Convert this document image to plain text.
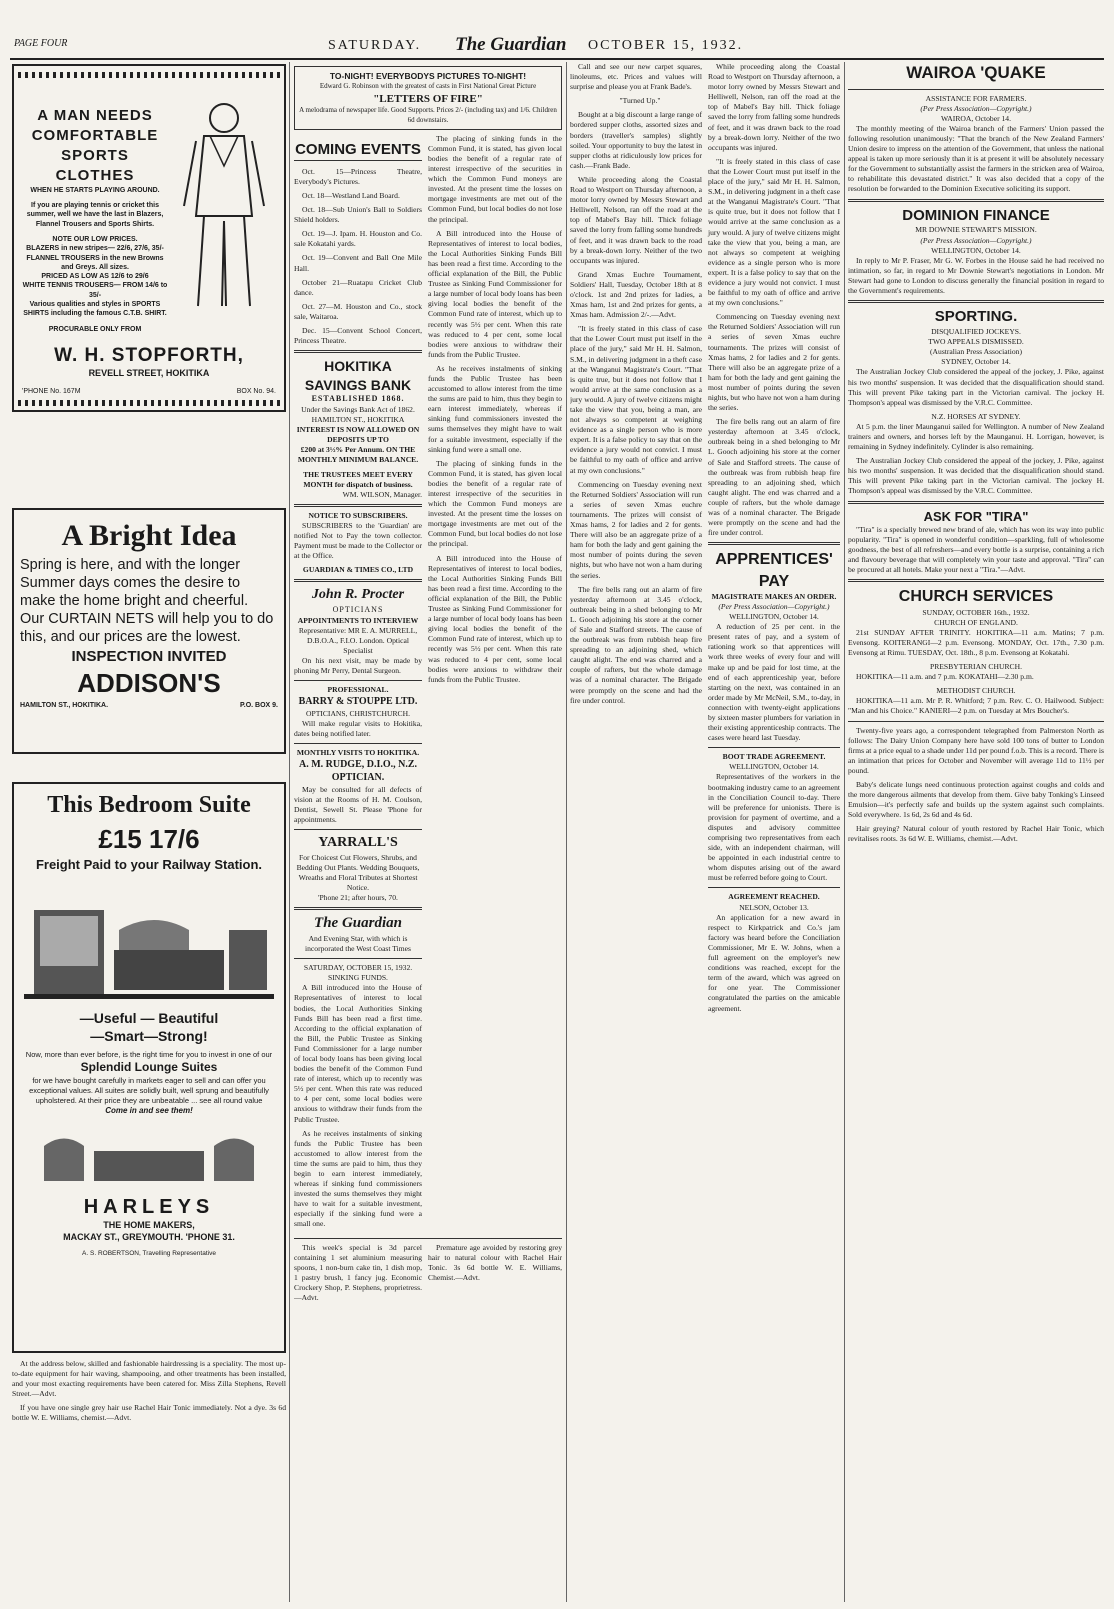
PAGE FOUR	SATURDAY. The Guardian OCTOBER 15, 1932.
A MAN NEEDS
COMFORTABLE
SPORTS CLOTHES
WHEN HE STARTS PLAYING AROUND.
If you are playing tennis or cricket this summer, well we have the last in Blazers, Flannel Trousers and Sports Shirts.
NOTE OUR LOW PRICES.
BLAZERS in new stripes— 22/6, 27/6, 35/-
FLANNEL TROUSERS in the new Browns and Greys. All sizes.
PRICED AS LOW AS 12/6 to 29/6
WHITE TENNIS TROUSERS— FROM 14/6 to 35/-
Various qualities and styles in SPORTS SHIRTS including the famous C.T.B. SHIRT.
PROCURABLE ONLY FROM
W. H. STOPFORTH,
REVELL STREET, HOKITIKA
'PHONE No. 167M	BOX No. 94.
A Bright Idea
Spring is here, and with the longer Summer days comes the desire to make the home bright and cheerful.
Our CURTAIN NETS will help you to do this, and our prices are the lowest.
INSPECTION INVITED
ADDISON'S
HAMILTON ST., HOKITIKA.	P.O. BOX 9.
This Bedroom Suite
£15 17/6
Freight Paid to your Railway Station.
—Useful — Beautiful
—Smart—Strong!
Now, more than ever before, is the right time for you to invest in one of our
Splendid Lounge Suites
for we have bought carefully in markets eager to sell and can offer you exceptional values. All suites are solidly built, well sprung and beautifully upholstered. At their price they are unbeatable ... see all round value
Come in and see them!
HARLEYS
THE HOME MAKERS,
MACKAY ST., GREYMOUTH. 'PHONE 31.
A. S. ROBERTSON, Travelling Representative

At the address below, skilled and fashionable hairdressing is a speciality. The most up-to-date equipment for hair waving, shampooing, and other treatments has been installed, and your most exacting requirements have been catered for. Miss Zilla Stephens, Revell Street.—Advt.

If you have one single grey hair use Rachel Hair Tonic immediately. Not a dye. 3s 6d bottle W. E. Williams, chemist.—Advt.

TO-NIGHT! EVERYBODYS PICTURES TO-NIGHT!
Edward G. Robinson with the greatest of casts in First National Great Picture
"LETTERS OF FIRE"
A melodrama of newspaper life. Good Supports. Prices 2/- (including tax) and 1/6. Children 6d downstairs.
COMING EVENTS

Oct. 15—Princess Theatre, Everybody's Pictures.

Oct. 18—Westland Land Board.

Oct. 18—Sub Union's Ball to Soldiers Shield holders.

Oct. 19—J. Ipam. H. Houston and Co. sale Kokatahi yards.

Oct. 19—Convent and Ball One Mile Hall.

October 21—Ruatapu Cricket Club dance.

Oct. 27—M. Houston and Co., stock sale, Waitaroa.

Dec. 15—Convent School Concert, Princess Theatre.

HOKITIKA SAVINGS BANK
ESTABLISHED 1868.
Under the Savings Bank Act of 1862.
HAMILTON ST., HOKITIKA
INTEREST IS NOW ALLOWED ON DEPOSITS UP TO
£200 at 3½% Per Annum. ON THE MONTHLY MINIMUM BALANCE.
THE TRUSTEES MEET EVERY MONTH for dispatch of business.
WM. WILSON, Manager.
NOTICE TO SUBSCRIBERS.

SUBSCRIBERS to the 'Guardian' are notified Not to Pay the town collector. Payment must be made to the Collector or at the Office.

GUARDIAN & TIMES CO., LTD
John R. Procter
OPTICIANS
APPOINTMENTS TO INTERVIEW
Representative: MR E. A. MURRELL, D.B.O.A., F.I.O. London. Optical Specialist

On his next visit, may be made by phoning Mr Perry, Dental Surgeon.

PROFESSIONAL.
BARRY & STOUPPE LTD.
OPTICIANS, CHRISTCHURCH.

Will make regular visits to Hokitika, dates being notified later.

MONTHLY VISITS TO HOKITIKA.
A. M. RUDGE, D.I.O., N.Z. OPTICIAN.

May be consulted for all defects of vision at the Rooms of H. M. Coulson, Dentist, Sewell St. Please 'Phone for appointments.

YARRALL'S
For Choicest Cut Flowers, Shrubs, and Bedding Out Plants. Wedding Bouquets, Wreaths and Floral Tributes at Shortest Notice.
'Phone 21; after hours, 70.
The Guardian
And Evening Star, with which is incorporated the West Coast Times
SATURDAY, OCTOBER 15, 1932.
SINKING FUNDS.

A Bill introduced into the House of Representatives of interest to local bodies, the Local Authorities Sinking Funds Bill has been read a first time. According to the official explanation of the Bill, the Public Trustee as Sinking Fund Commissioner for a large number of local body loans has been giving local bodies the benefit of the Common Fund rate of interest, which up to recently was 5½ per cent. When this rate was reduced to 4 per cent, some local bodies were anxious to withdraw their funds from the Public Trustee.

As he receives instalments of sinking funds the Public Trustee has been accustomed to allow interest from the time the sums are paid to him, thus they begin to earn interest immediately, whereas if sinking fund commissioners invested the sums themselves they might have to wait for a suitable investment, especially if the sinking fund were a small one.

The placing of sinking funds in the Common Fund, it is stated, has given local bodies the benefit of a regular rate of interest irrespective of the securities in which the Common Fund moneys are invested. At the present time the losses on mortgage investments are met out of the Common Fund, but local bodies do not lose the principal.

A Bill introduced into the House of Representatives of interest to local bodies, the Local Authorities Sinking Funds Bill has been read a first time. According to the official explanation of the Bill, the Public Trustee as Sinking Fund Commissioner for a large number of local body loans has been giving local bodies the benefit of the Common Fund rate of interest, which up to recently was 5½ per cent. When this rate was reduced to 4 per cent, some local bodies were anxious to withdraw their funds from the Public Trustee.

As he receives instalments of sinking funds the Public Trustee has been accustomed to allow interest from the time the sums are paid to him, thus they begin to earn interest immediately, whereas if sinking fund commissioners invested the sums themselves they might have to wait for a suitable investment, especially if the sinking fund were a small one.

The placing of sinking funds in the Common Fund, it is stated, has given local bodies the benefit of a regular rate of interest irrespective of the securities in which the Common Fund moneys are invested. At the present time the losses on mortgage investments are met out of the Common Fund, but local bodies do not lose the principal.

A Bill introduced into the House of Representatives of interest to local bodies, the Local Authorities Sinking Funds Bill has been read a first time. According to the official explanation of the Bill, the Public Trustee as Sinking Fund Commissioner for a large number of local body loans has been giving local bodies the benefit of the Common Fund rate of interest, which up to recently was 5½ per cent. When this rate was reduced to 4 per cent, some local bodies were anxious to withdraw their funds from the Public Trustee.

This week's special is 3d parcel containing 1 set aluminium measuring spoons, 1 non-burn cake tin, 1 dish mop, 1 pastry brush, 1 fancy jug. Economic Crockery Shop, P. Stephens, proprietress.—Advt.

Premature age avoided by restoring grey hair to natural colour with Rachel Hair Tonic. 3s 6d bottle W. E. Williams, Chemist.—Advt.

Call and see our new carpet squares, linoleums, etc. Prices and values will surprise and please you at Frank Bade's.

"Turned Up."

Bought at a big discount a large range of bordered supper cloths, assorted sizes and borders (traveller's samples) slightly soiled. Your opportunity to buy the latest in supper cloths at ridiculously low prices for cash.—Frank Bade.

While proceeding along the Coastal Road to Westport on Thursday afternoon, a motor lorry owned by Messrs Stewart and Helliwell, Nelson, ran off the road at the top of Mabel's Bay hill. Thick foliage saved the lorry from falling some hundreds of feet, and it was drawn back to the road by a break-down lorry. Neither of the two occupants was injured.

Grand Xmas Euchre Tournament, Soldiers' Hall, Tuesday, October 18th at 8 o'clock. 1st and 2nd prizes for ladies, a Xmas ham, 1st and 2nd prizes for gents, a Xmas ham. Admission 2/-.—Advt.

"It is freely stated in this class of case that the Lower Court must put itself in the place of the jury," said Mr H. H. Salmon, S.M., in delivering judgment in a theft case at the Wanganui Magistrate's Court. "That is quite true, but it does not follow that I would arrive at the same conclusion as a jury would. A jury of twelve citizens might take the view that you, being a man, are not always so competent at weighing evidence as a single person who is more expert. It is a false policy to say that on the evidence a jury would not convict. I must be faithful to my oath of office and arrive at my own conclusions."

Commencing on Tuesday evening next the Returned Soldiers' Association will run a series of seven Xmas euchre tournaments. The prizes will consist of Xmas hams, 2 for ladies and 2 for gents. There will also be an aggregate prize of a ham for both the lady and gent gaining the most number of points during the seven nights, but who have not won a ham during the series.

The fire bells rang out an alarm of fire yesterday afternoon at 3.45 o'clock, outbreak being in a shed belonging to Mr L. Gooch adjoining his store at the corner of Sale and Stafford streets. The cause of the outbreak was from rubbish heap fire spreading to an adjoining shed, which caught alight. The end was charred and a couple of rafters, but the whole damage was of a nominal character. The Brigade were promptly on the scene and had the fire under control.

While proceeding along the Coastal Road to Westport on Thursday afternoon, a motor lorry owned by Messrs Stewart and Helliwell, Nelson, ran off the road at the top of Mabel's Bay hill. Thick foliage saved the lorry from falling some hundreds of feet, and it was drawn back to the road by a break-down lorry. Neither of the two occupants was injured.

"It is freely stated in this class of case that the Lower Court must put itself in the place of the jury," said Mr H. H. Salmon, S.M., in delivering judgment in a theft case at the Wanganui Magistrate's Court. "That is quite true, but it does not follow that I would arrive at the same conclusion as a jury would. A jury of twelve citizens might take the view that you, being a man, are not always so competent at weighing evidence as a single person who is more expert. It is a false policy to say that on the evidence a jury would not convict. I must be faithful to my oath of office and arrive at my own conclusions."

Commencing on Tuesday evening next the Returned Soldiers' Association will run a series of seven Xmas euchre tournaments. The prizes will consist of Xmas hams, 2 for ladies and 2 for gents. There will also be an aggregate prize of a ham for both the lady and gent gaining the most number of points during the seven nights, but who have not won a ham during the series.

The fire bells rang out an alarm of fire yesterday afternoon at 3.45 o'clock, outbreak being in a shed belonging to Mr L. Gooch adjoining his store at the corner of Sale and Stafford streets. The cause of the outbreak was from rubbish heap fire spreading to an adjoining shed, which caught alight. The end was charred and a couple of rafters, but the whole damage was of a nominal character. The Brigade were promptly on the scene and had the fire under control.

APPRENTICES' PAY
MAGISTRATE MAKES AN ORDER.
(Per Press Association—Copyright.)
WELLINGTON, October 14.

A reduction of 25 per cent. in the present rates of pay, and a system of rationing work so that apprentices will work three weeks of every four and will make up and be paid for lost time, at the end of each apprenticeship year, before starting on the next, was contained in an order made by Mr McNeil, S.M., to-day, in connection with twenty-eight applications by sixteen master plumbers for variation in their existing apprenticeship contracts. The cases were heard last Tuesday.

BOOT TRADE AGREEMENT.
WELLINGTON, October 14.

Representatives of the workers in the bootmaking industry came to an agreement in the Conciliation Council to-day. There will be preference for unionists. There is provision for payment of overtime, and a disputes and advisory committee comprising two representatives from each side, with an independent chairman, will be appointed in each industrial centre to whom disputes arising out of the award must be referred before going to Court.

AGREEMENT REACHED.
NELSON, October 13.

An application for a new award in respect to Kirkpatrick and Co.'s jam factory was heard before the Conciliation Commissioner, Mr E. W. Johns, when a full agreement on the employer's new conditions was reached, except for the term of the award, which was agreed on for one year. The Commissioner congratulated the parties on the amicable agreement.

WAIROA 'QUAKE
ASSISTANCE FOR FARMERS.
(Per Press Association—Copyright.)
WAIROA, October 14.

The monthly meeting of the Wairoa branch of the Farmers' Union passed the following resolution unanimously: "That the branch of the New Zealand Farmers' Union desire to impress on the attention of the Government, that unless the national appeal is taken up more seriously than it is at present it will be absolutely necessary for the Government to substantially assist the farmers in the stricken area of Wairoa, to rehabilitate this devastated district." It was also decided that a copy of the resolution be forwarded to the Dominion Executive soliciting its support.

DOMINION FINANCE
MR DOWNIE STEWART'S MISSION.
(Per Press Association—Copyright.)
WELLINGTON, October 14.

In reply to Mr P. Fraser, Mr G. W. Forbes in the House said he had received no intimation, so far, in regard to Mr Downie Stewart's negotiations in London. Mr Stewart had gone to London to discuss generally the financial position in regard to the Government's requirements.

SPORTING.
DISQUALIFIED JOCKEYS.
TWO APPEALS DISMISSED.
(Australian Press Association)
SYDNEY, October 14.

The Australian Jockey Club considered the appeal of the jockey, J. Pike, against his two months' suspension. It was decided that the disqualification should stand. This will prevent Pike taking part in the Victorian carnival. The jockey H. Thompson's appeal was dismissed by the V.R.C. Committee.

N.Z. HORSES AT SYDNEY.

At 5 p.m. the liner Maunganui sailed for Wellington. A number of New Zealand trainers and owners, and horses left by the Maunganui. H. Lorrigan, however, is remaining in Sydney indefinitely. Cylinder is also remaining.

The Australian Jockey Club considered the appeal of the jockey, J. Pike, against his two months' suspension. It was decided that the disqualification should stand. This will prevent Pike taking part in the Victorian carnival. The jockey H. Thompson's appeal was dismissed by the V.R.C. Committee.

ASK FOR "TIRA"

"Tira" is a specially brewed new brand of ale, which has won its way into public popularity. "Tira" is opened in wonderful condition—sparkling, full of wholesome goodness, the best of all refreshers—and every bottle is a surprise, containing a rich and flavoury beverage that will completely win your taste and approval. "Tira" can be procured at all hotels. Make your next a "Tira."—Advt.

CHURCH SERVICES
SUNDAY, OCTOBER 16th., 1932.
CHURCH OF ENGLAND.

21st SUNDAY AFTER TRINITY. HOKITIKA—11 a.m. Matins; 7 p.m. Evensong. KOITERANGI—2 p.m. Evensong. MONDAY, Oct. 17th., 7.30 p.m. Evensong at Rimu. TUESDAY, Oct. 18th., 8 p.m. Evensong at Kokatahi.

PRESBYTERIAN CHURCH.

HOKITIKA—11 a.m. and 7 p.m. KOKATAHI—2.30 p.m.

METHODIST CHURCH.

HOKITIKA—11 a.m. Mr P. R. Whitford; 7 p.m. Rev. C. O. Hailwood. Subject: "Man and his Choice." KANIERI—2 p.m. on Tuesday at Mrs Boucher's.

Twenty-five years ago, a correspondent telegraphed from Palmerston North as follows: The Dairy Union Company here have sold 100 tons of butter to London firms at a price equal to a shade under 11d per pound f.o.b. This is a record. There is an intimation that prices for October and November will average 11d to 11½ per pound.

Baby's delicate lungs need continuous protection against coughs and colds and the more dangerous ailments that develop from them. Give baby Tonking's Linseed Emulsion—it's perfectly safe and builds up the system against such complaints. Sold everywhere. 1s 6d, 2s 6d and 4s 6d.

Hair greying? Natural colour of youth restored by Rachel Hair Tonic, which revitalises roots. 3s 6d W. E. Williams, chemist.—Advt.
